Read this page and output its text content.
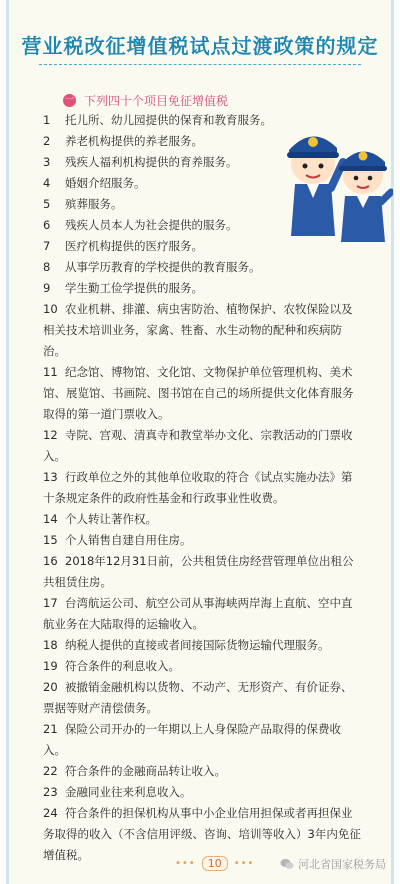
营业税改征增值税试点过渡政策的规定
一 下列四十个项目免征增值税
1 托儿所、幼儿园提供的保育和教育服务。
2 养老机构提供的养老服务。
3 残疾人福利机构提供的育养服务。
4 婚姻介绍服务。
5 殡葬服务。
6 残疾人员本人为社会提供的服务。
7 医疗机构提供的医疗服务。
8 从事学历教育的学校提供的教育服务。
9 学生勤工俭学提供的服务。
10 农业机耕、排灌、病虫害防治、植物保护、农牧保险以及相关技术培训业务，家禽、牲畜、水生动物的配种和疾病防治。
11 纪念馆、博物馆、文化馆、文物保护单位管理机构、美术馆、展览馆、书画院、图书馆在自己的场所提供文化体育服务取得的第一道门票收入。
12 寺院、宫观、清真寺和教堂举办文化、宗教活动的门票收入。
13 行政单位之外的其他单位收取的符合《试点实施办法》第十条规定条件的政府性基金和行政事业性收费。
14 个人转让著作权。
15 个人销售自建自用住房。
16 2018年12月31日前，公共租赁住房经营管理单位出租公共租赁住房。
17 台湾航运公司、航空公司从事海峡两岸海上直航、空中直航业务在大陆取得的运输收入。
18 纳税人提供的直接或者间接国际货物运输代理服务。
19 符合条件的利息收入。
20 被撤销金融机构以货物、不动产、无形资产、有价证券、票据等财产清偿债务。
21 保险公司开办的一年期以上人身保险产品取得的保费收入。
22 符合条件的金融商品转让收入。
23 金融同业往来利息收入。
24 符合条件的担保机构从事中小企业信用担保或者再担保业务取得的收入（不含信用评级、咨询、培训等收入）3年内免征增值税。
•••	10	•••	河北省国家税务局
